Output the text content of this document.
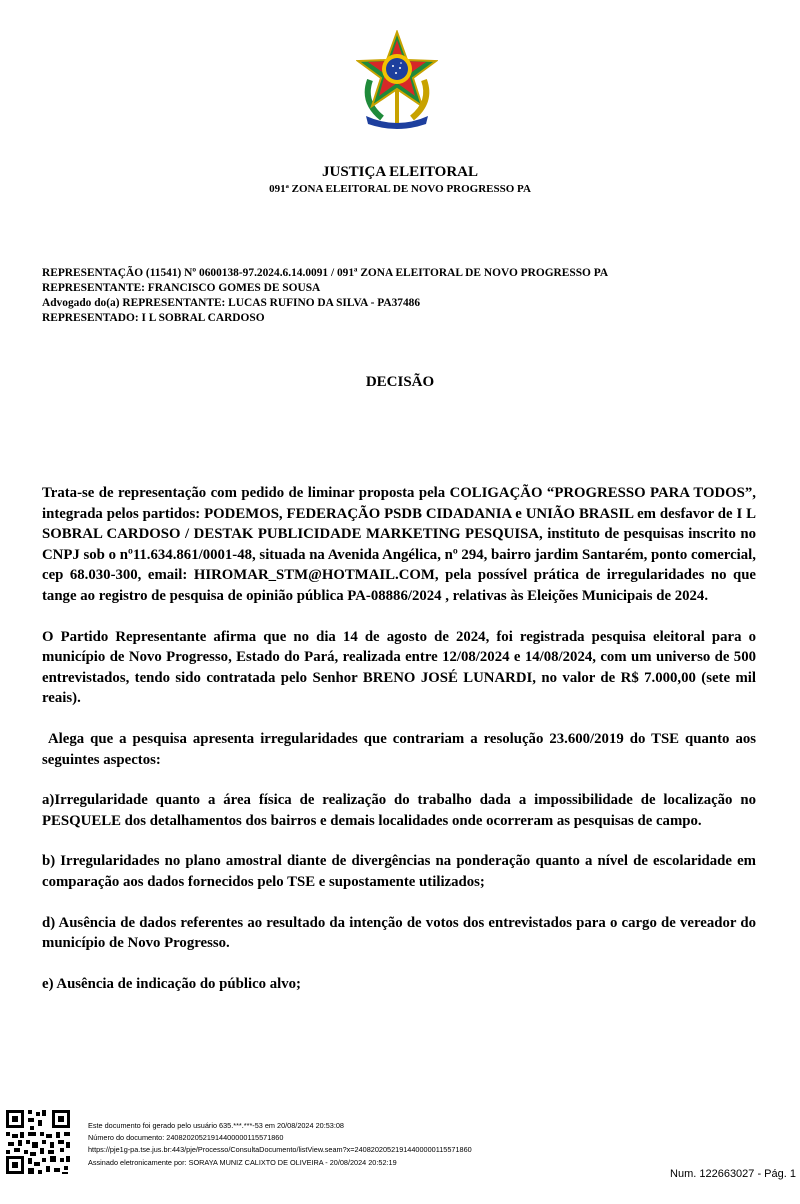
JUSTIÇA ELEITORAL
091ª ZONA ELEITORAL DE NOVO PROGRESSO PA
REPRESENTAÇÃO (11541) Nº 0600138-97.2024.6.14.0091 / 091ª ZONA ELEITORAL DE NOVO PROGRESSO PA
REPRESENTANTE: FRANCISCO GOMES DE SOUSA
Advogado do(a) REPRESENTANTE: LUCAS RUFINO DA SILVA - PA37486
REPRESENTADO: I L SOBRAL CARDOSO
DECISÃO

Trata-se de representação com pedido de liminar proposta pela COLIGAÇÃO “PROGRESSO PARA TODOS”, integrada pelos partidos: PODEMOS, FEDERAÇÃO PSDB CIDADANIA e UNIÃO BRASIL em desfavor de I L SOBRAL CARDOSO / DESTAK PUBLICIDADE MARKETING PESQUISA, instituto de pesquisas inscrito no CNPJ sob o nº11.634.861/0001-48, situada na Avenida Angélica, nº 294, bairro jardim Santarém, ponto comercial, cep 68.030-300, email: HIROMAR_STM@HOTMAIL.COM, pela possível prática de irregularidades no que tange ao registro de pesquisa de opinião pública PA-08886/2024 , relativas às Eleições Municipais de 2024.

O Partido Representante afirma que no dia 14 de agosto de 2024, foi registrada pesquisa eleitoral para o município de Novo Progresso, Estado do Pará, realizada entre 12/08/2024 e 14/08/2024, com um universo de 500 entrevistados, tendo sido contratada pelo Senhor BRENO JOSÉ LUNARDI, no valor de R$ 7.000,00 (sete mil reais).

Alega que a pesquisa apresenta irregularidades que contrariam a resolução 23.600/2019 do TSE quanto aos seguintes aspectos:

a)Irregularidade quanto a área física de realização do trabalho dada a impossibilidade de localização no PESQUELE dos detalhamentos dos bairros e demais localidades onde ocorreram as pesquisas de campo.

b) Irregularidades no plano amostral diante de divergências na ponderação quanto a nível de escolaridade em comparação aos dados fornecidos pelo TSE e supostamente utilizados;

d) Ausência de dados referentes ao resultado da intenção de votos dos entrevistados para o cargo de vereador do município de Novo Progresso.

e) Ausência de indicação do público alvo;

Este documento foi gerado pelo usuário 635.***.***-53 em 20/08/2024 20:53:08
Número do documento: 24082020521914400000115571860
https://pje1g-pa.tse.jus.br:443/pje/Processo/ConsultaDocumento/listView.seam?x=24082020521914400000115571860
Assinado eletronicamente por: SORAYA MUNIZ CALIXTO DE OLIVEIRA - 20/08/2024 20:52:19
Num. 122663027 - Pág. 1
